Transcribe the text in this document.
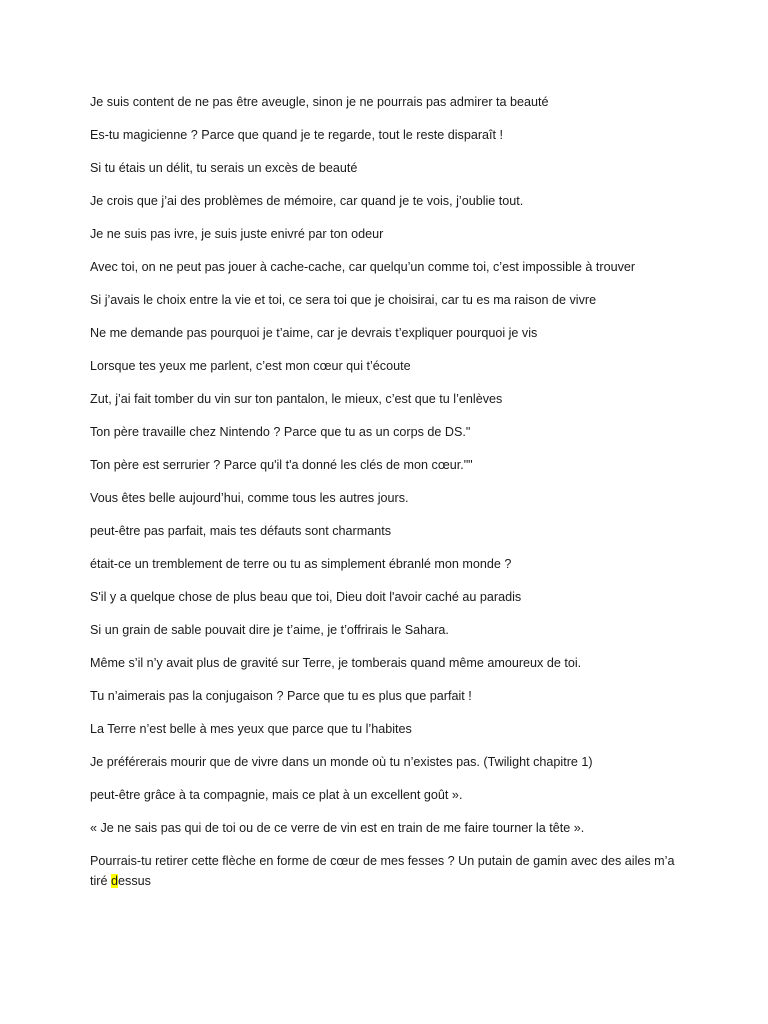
Je suis content de ne pas être aveugle, sinon je ne pourrais pas admirer ta beauté
Es-tu magicienne ? Parce que quand je te regarde, tout le reste disparaît !
Si tu étais un délit, tu serais un excès de beauté
Je crois que j’ai des problèmes de mémoire, car quand je te vois, j’oublie tout.
Je ne suis pas ivre, je suis juste enivré par ton odeur
Avec toi, on ne peut pas jouer à cache-cache, car quelqu’un comme toi, c’est impossible à trouver
Si j’avais le choix entre la vie et toi, ce sera toi que je choisirai, car tu es ma raison de vivre
Ne me demande pas pourquoi je t’aime, car je devrais t’expliquer pourquoi je vis
Lorsque tes yeux me parlent, c’est mon cœur qui t’écoute
Zut, j’ai fait tomber du vin sur ton pantalon, le mieux, c’est que tu l’enlèves
Ton père travaille chez Nintendo ? Parce que tu as un corps de DS."
Ton père est serrurier ? Parce qu'il t'a donné les clés de mon cœur.""
Vous êtes belle aujourd’hui, comme tous les autres jours.
peut-être pas parfait, mais tes défauts sont charmants
était-ce un tremblement de terre ou tu as simplement ébranlé mon monde ?
S'il y a quelque chose de plus beau que toi, Dieu doit l'avoir caché au paradis
Si un grain de sable pouvait dire je t’aime, je t’offrirais le Sahara.
Même s’il n’y avait plus de gravité sur Terre, je tomberais quand même amoureux de toi.
Tu n’aimerais pas la conjugaison ? Parce que tu es plus que parfait !
La Terre n’est belle à mes yeux que parce que tu l’habites
Je préférerais mourir que de vivre dans un monde où tu n’existes pas. (Twilight chapitre 1)
peut-être grâce à ta compagnie, mais ce plat à un excellent goût ».
« Je ne sais pas qui de toi ou de ce verre de vin est en train de me faire tourner la tête ».
Pourrais-tu retirer cette flèche en forme de cœur de mes fesses ? Un putain de gamin avec des ailes m’a tiré dessus
